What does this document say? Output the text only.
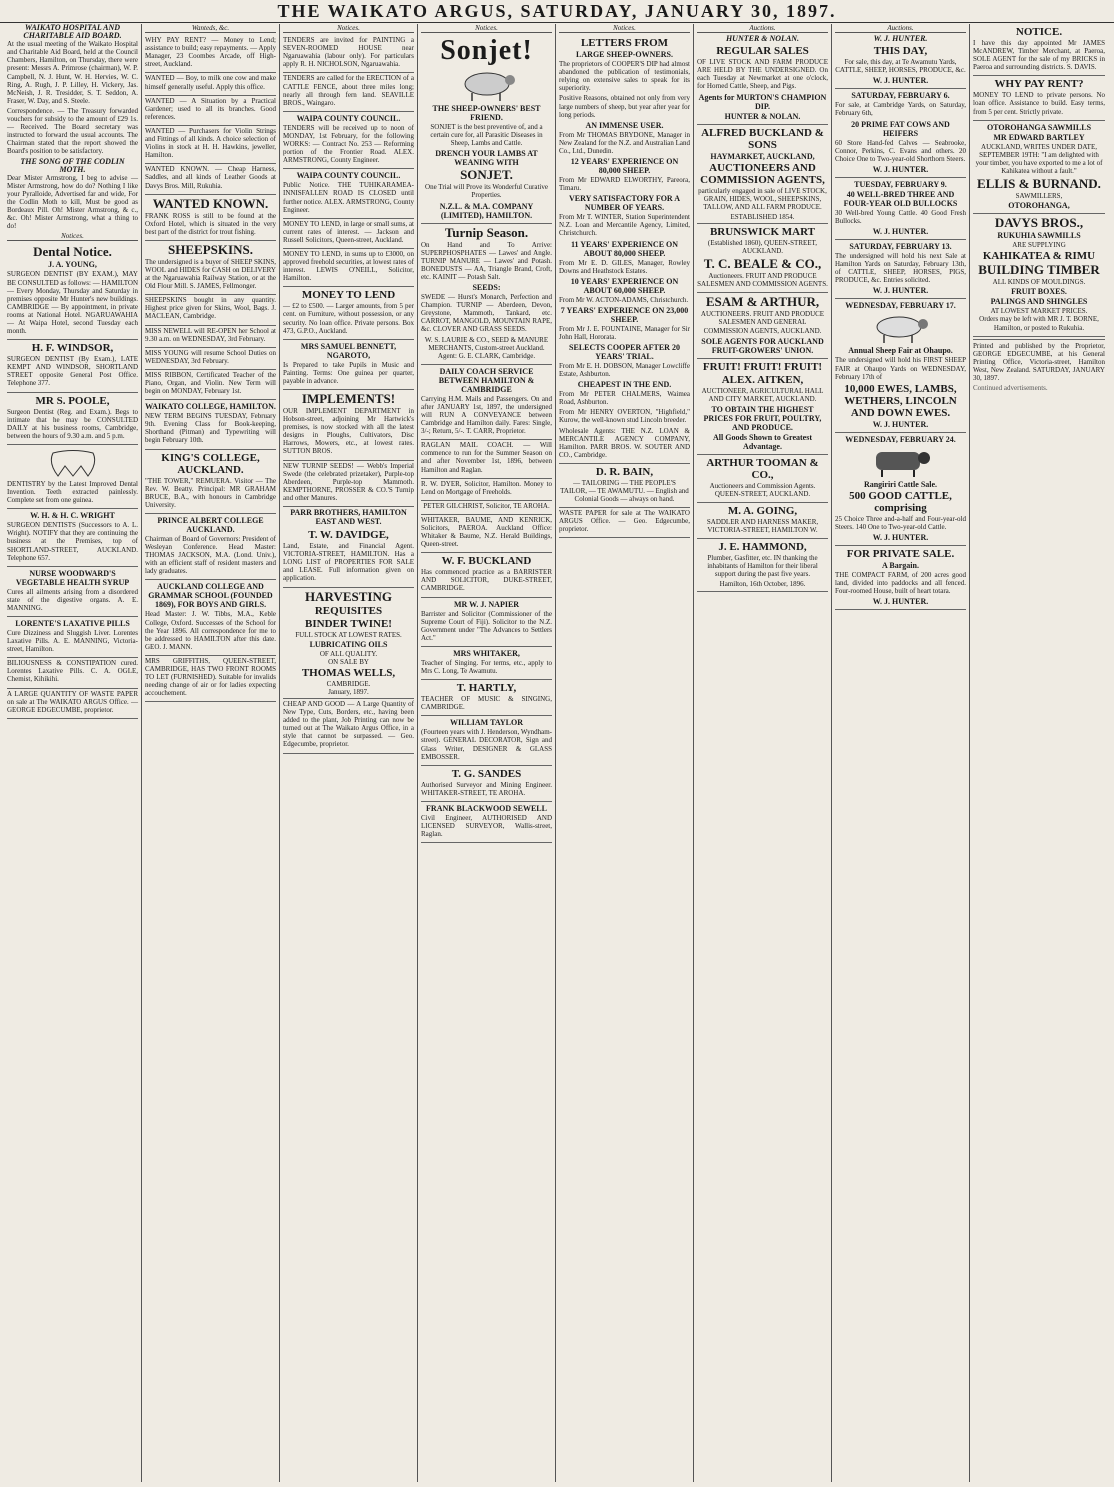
THE WAIKATO ARGUS, SATURDAY, JANUARY 30, 1897.
WAIKATO HOSPITAL AND CHARITABLE AID BOARD.

At the usual meeting of the Waikato Hospital and Charitable Aid Board, held at the Council Chambers, Hamilton, on Thursday, there were present: Messrs A. Primrose (chairman), W. P. Campbell, N. J. Hunt, W. H. Hervies, W. C. Ring, A. Rugh, J. P. Lilley, H. Vickery, Jas. McNeish, J. R. Tresidder, S. T. Seddon, A. Fraser, W. Day, and S. Steele.

Correspondence. — The Treasury forwarded vouchers for subsidy to the amount of £29 1s. — Received. The Board secretary was instructed to forward the usual accounts. The Chairman stated that the report showed the Board's position to be satisfactory.

THE SONG OF THE CODLIN MOTH.

Dear Mister Armstrong, I beg to advise — Mister Armstrong, how do do? Nothing I like your Pyralloide, Advertised far and wide, For the Codlin Moth to kill, Must be good as Bordeaux Pill. Oh! Mister Armstrong, & c., &c. Oh! Mister Armstrong, what a thing to do!

Notices.
Dental Notice.
J. A. YOUNG,

SURGEON DENTIST (BY EXAM.), MAY BE CONSULTED as follows: — HAMILTON — Every Monday, Thursday and Saturday in premises opposite Mr Hunter's new buildings. CAMBRIDGE — By appointment, in private rooms at National Hotel. NGARUAWAHIA — At Waipa Hotel, second Tuesday each month.

H. F. WINDSOR,

SURGEON DENTIST (By Exam.), LATE KEMPT AND WINDSOR, SHORTLAND STREET opposite General Post Office. Telephone 377.

MR S. POOLE,

Surgeon Dentist (Reg. and Exam.). Begs to intimate that he may be CONSULTED DAILY at his business rooms, Cambridge, between the hours of 9.30 a.m. and 5 p.m.

DENTISTRY by the Latest Improved Dental Invention. Teeth extracted painlessly. Complete set from one guinea.

W. H. & H. C. WRIGHT

SURGEON DENTISTS (Successors to A. L. Wright). NOTIFY that they are continuing the business at the Premises, top of SHORTLAND-STREET, AUCKLAND. Telephone 657.

NURSE WOODWARD'S VEGETABLE HEALTH SYRUP

Cures all ailments arising from a disordered state of the digestive organs. A. E. MANNING.

LORENTE'S LAXATIVE PILLS

Cure Dizziness and Sluggish Liver. Lorentes Laxative Pills. A. E. MANNING, Victoria-street, Hamilton.

BILIOUSNESS & CONSTIPATION cured. Lorentes Laxative Pills. C. A. OGLE, Chemist, Kihikihi.

A LARGE QUANTITY OF WASTE PAPER on sale at The WAIKATO ARGUS Office. — GEORGE EDGECUMBE, proprietor.

Wanteds, &c.

WHY PAY RENT? — Money to Lend; assistance to build; easy repayments. — Apply Manager, 23 Coombes Arcade, off High-street, Auckland.

WANTED — Boy, to milk one cow and make himself generally useful. Apply this office.

WANTED — A Situation by a Practical Gardener; used to all its branches. Good references.

WANTED — Purchasers for Violin Strings and Fittings of all kinds. A choice selection of Violins in stock at H. H. Hawkins, jeweller, Hamilton.

WANTED KNOWN. — Cheap Harness, Saddles, and all kinds of Leather Goods at Davys Bros. Mill, Rukuhia.

WANTED KNOWN.

FRANK ROSS is still to be found at the Oxford Hotel, which is situated in the very best part of the district for trout fishing.

SHEEPSKINS.

The undersigned is a buyer of SHEEP SKINS, WOOL and HIDES for CASH on DELIVERY at the Ngaruawahia Railway Station, or at the Old Flour Mill. S. JAMES, Fellmonger.

SHEEPSKINS bought in any quantity. Highest price given for Skins, Wool, Bags. J. MACLEAN, Cambridge.

MISS NEWELL will RE-OPEN her School at 9.30 a.m. on WEDNESDAY, 3rd February.

MISS YOUNG will resume School Duties on WEDNESDAY, 3rd February.

MISS RIBBON, Certificated Teacher of the Piano, Organ, and Violin. New Term will begin on MONDAY, February 1st.

WAIKATO COLLEGE, HAMILTON.

NEW TERM BEGINS TUESDAY, February 9th. Evening Class for Book-keeping, Shorthand (Pitman) and Typewriting will begin February 10th.

KING'S COLLEGE, AUCKLAND.

"THE TOWER," REMUERA. Visitor — The Rev. W. Beatty. Principal: MR GRAHAM BRUCE, B.A., with honours in Cambridge University.

PRINCE ALBERT COLLEGE AUCKLAND.

Chairman of Board of Governors: President of Wesleyan Conference. Head Master: THOMAS JACKSON, M.A. (Lond. Univ.), with an efficient staff of resident masters and lady graduates.

AUCKLAND COLLEGE AND GRAMMAR SCHOOL (FOUNDED 1869), FOR BOYS AND GIRLS.

Head Master: J. W. Tibbs, M.A., Keble College, Oxford. Successes of the School for the Year 1896. All correspondence for me to be addressed to HAMILTON after this date. GEO. J. MANN.

MRS GRIFFITHS, QUEEN-STREET, CAMBRIDGE, HAS TWO FRONT ROOMS TO LET (FURNISHED). Suitable for invalids needing change of air or for ladies expecting accouchement.

Notices.

TENDERS are invited for PAINTING a SEVEN-ROOMED HOUSE near Ngaruawahia (labour only). For particulars apply R. H. NICHOLSON, Ngaruawahia.

TENDERS are called for the ERECTION of a CATTLE FENCE, about three miles long; nearly all through fern land. SEAVILLE BROS., Waingaro.

WAIPA COUNTY COUNCIL.

TENDERS will be received up to noon of MONDAY, 1st February, for the following WORKS: — Contract No. 253 — Reforming portion of the Frontier Road. ALEX. ARMSTRONG, County Engineer.

WAIPA COUNTY COUNCIL.

Public Notice. THE TUHIKARAMEA-INNISFALLEN ROAD IS CLOSED until further notice. ALEX. ARMSTRONG, County Engineer.

MONEY TO LEND, in large or small sums, at current rates of interest. — Jackson and Russell Solicitors, Queen-street, Auckland.

MONEY TO LEND, in sums up to £3000, on approved freehold securities, at lowest rates of interest. LEWIS O'NEILL, Solicitor, Hamilton.

MONEY TO LEND

— £2 to £500. — Larger amounts, from 5 per cent. on Furniture, without possession, or any security. No loan office. Private persons. Box 473, G.P.O., Auckland.

MRS SAMUEL BENNETT, NGAROTO,

Is Prepared to take Pupils in Music and Painting. Terms: One guinea per quarter, payable in advance.

IMPLEMENTS!

OUR IMPLEMENT DEPARTMENT in Hobson-street, adjoining Mr Hartwick's premises, is now stocked with all the latest designs in Ploughs, Cultivators, Disc Harrows, Mowers, etc., at lowest rates. SUTTON BROS.

NEW TURNIP SEEDS! — Webb's Imperial Swede (the celebrated prizetaker), Purple-top Aberdeen, Purple-top Mammoth. KEMPTHORNE, PROSSER & CO.'S Turnip and other Manures.

PARR BROTHERS, HAMILTON EAST AND WEST.
T. W. DAVIDGE,

Land, Estate, and Financial Agent. VICTORIA-STREET, HAMILTON. Has a LONG LIST of PROPERTIES FOR SALE and LEASE. Full information given on application.

HARVESTING
REQUISITES
BINDER TWINE!
FULL STOCK AT LOWEST RATES.
LUBRICATING OILS
OF ALL QUALITY.
ON SALE BY
THOMAS WELLS,
CAMBRIDGE.
January, 1897.

CHEAP AND GOOD — A Large Quantity of New Type, Cuts, Borders, etc., having been added to the plant, Job Printing can now be turned out at The Waikato Argus Office, in a style that cannot be surpassed. — Geo. Edgecumbe, proprietor.

Notices.
Sonjet!
THE SHEEP-OWNERS' BEST FRIEND.

SONJET is the best preventive of, and a certain cure for, all Parasitic Diseases in Sheep, Lambs and Cattle.

DRENCH YOUR LAMBS AT WEANING WITH
SONJET.

One Trial will Prove its Wonderful Curative Properties.

N.Z.L. & M.A. COMPANY (LIMITED), HAMILTON.
Turnip Season.

On Hand and To Arrive: SUPERPHOSPHATES — Lawes' and Angle. TURNIP MANURE — Lawes' and Potash. BONEDUSTS — AA, Triangle Brand, Croft, etc. KAINIT — Potash Salt.

SEEDS:

SWEDE — Hurst's Monarch, Perfection and Champion. TURNIP — Aberdeen, Devon, Greystone, Mammoth, Tankard, etc. CARROT, MANGOLD, MOUNTAIN RAPE, &c. CLOVER AND GRASS SEEDS.

W. S. LAURIE & CO., SEED & MANURE MERCHANTS, Custom-street Auckland. Agent: G. E. CLARK, Cambridge.

DAILY COACH SERVICE BETWEEN HAMILTON & CAMBRIDGE

Carrying H.M. Mails and Passengers. On and after JANUARY 1st, 1897, the undersigned will RUN A CONVEYANCE between Cambridge and Hamilton daily. Fares: Single, 3/-; Return, 5/-. T. CARR, Proprietor.

RAGLAN MAIL COACH. — Will commence to run for the Summer Season on and after November 1st, 1896, between Hamilton and Raglan.

R. W. DYER, Solicitor, Hamilton. Money to Lend on Mortgage of Freeholds.

PETER GILCHRIST, Solicitor, TE AROHA.

WHITAKER, BAUME, AND KENRICK, Solicitors, PAEROA. Auckland Office: Whitaker & Baume, N.Z. Herald Buildings, Queen-street.

W. F. BUCKLAND

Has commenced practice as a BARRISTER AND SOLICITOR, DUKE-STREET, CAMBRIDGE.

MR W. J. NAPIER

Barrister and Solicitor (Commissioner of the Supreme Court of Fiji). Solicitor to the N.Z. Government under "The Advances to Settlers Act."

MRS WHITAKER,

Teacher of Singing. For terms, etc., apply to Mrs C. Long, Te Awamutu.

T. HARTLY,

TEACHER OF MUSIC & SINGING, CAMBRIDGE.

WILLIAM TAYLOR

(Fourteen years with J. Henderson, Wyndham-street). GENERAL DECORATOR, Sign and Glass Writer, DESIGNER & GLASS EMBOSSER.

T. G. SANDES

Authorised Surveyor and Mining Engineer. WHITAKER-STREET, TE AROHA.

FRANK BLACKWOOD SEWELL

Civil Engineer, AUTHORISED AND LICENSED SURVEYOR, Wallis-street, Raglan.

Notices.
LETTERS FROM
LARGE SHEEP-OWNERS.

The proprietors of COOPER'S DIP had almost abandoned the publication of testimonials, relying on extensive sales to speak for its superiority.

Positive Reasons, obtained not only from very large numbers of sheep, but year after year for long periods.

AN IMMENSE USER.

From Mr THOMAS BRYDONE, Manager in New Zealand for the N.Z. and Australian Land Co., Ltd., Dunedin.

12 YEARS' EXPERIENCE ON 80,000 SHEEP.

From Mr EDWARD ELWORTHY, Pareora, Timaru.

VERY SATISFACTORY FOR A NUMBER OF YEARS.

From Mr T. WINTER, Station Superintendent N.Z. Loan and Mercantile Agency, Limited, Christchurch.

11 YEARS' EXPERIENCE ON ABOUT 80,000 SHEEP.

From Mr E. D. GILES, Manager, Rowley Downs and Heathstock Estates.

10 YEARS' EXPERIENCE ON ABOUT 60,000 SHEEP.

From Mr W. ACTON-ADAMS, Christchurch.

7 YEARS' EXPERIENCE ON 23,000 SHEEP.

From Mr J. E. FOUNTAINE, Manager for Sir John Hall, Hororata.

SELECTS COOPER AFTER 20 YEARS' TRIAL.

From Mr E. H. DOBSON, Manager Lowcliffe Estate, Ashburton.

CHEAPEST IN THE END.

From Mr PETER CHALMERS, Waimea Road, Ashburton.

From Mr HENRY OVERTON, "Highfield," Kurow, the well-known stud Lincoln breeder.

Wholesale Agents: THE N.Z. LOAN & MERCANTILE AGENCY COMPANY, Hamilton. PARR BROS. W. SOUTER AND CO., Cambridge.

D. R. BAIN,

— TAILORING — THE PEOPLE'S TAILOR, — TE AWAMUTU. — English and Colonial Goods — always on hand.

WASTE PAPER for sale at The WAIKATO ARGUS Office. — Geo. Edgecumbe, proprietor.

Auctions.
HUNTER & NOLAN.
REGULAR SALES

OF LIVE STOCK AND FARM PRODUCE ARE HELD BY THE UNDERSIGNED. On each Tuesday at Newmarket at one o'clock, for Horned Cattle, Sheep, and Pigs.

Agents for MURTON'S CHAMPION DIP.
HUNTER & NOLAN.
ALFRED BUCKLAND & SONS
HAYMARKET, AUCKLAND,
AUCTIONEERS AND COMMISSION AGENTS,

particularly engaged in sale of LIVE STOCK, GRAIN, HIDES, WOOL, SHEEPSKINS, TALLOW, AND ALL FARM PRODUCE.

ESTABLISHED 1854.
BRUNSWICK MART

(Established 1860), QUEEN-STREET, AUCKLAND.

T. C. BEALE & CO.,

Auctioneers. FRUIT AND PRODUCE SALESMEN AND COMMISSION AGENTS.

ESAM & ARTHUR,

AUCTIONEERS. FRUIT AND PRODUCE SALESMEN AND GENERAL COMMISSION AGENTS, AUCKLAND.

SOLE AGENTS FOR AUCKLAND FRUIT-GROWERS' UNION.
FRUIT! FRUIT! FRUIT!
ALEX. AITKEN,

AUCTIONEER, AGRICULTURAL HALL AND CITY MARKET, AUCKLAND.

TO OBTAIN THE HIGHEST PRICES FOR FRUIT, POULTRY, AND PRODUCE.
All Goods Shown to Greatest Advantage.
ARTHUR TOOMAN & CO.,

Auctioneers and Commission Agents. QUEEN-STREET, AUCKLAND.

M. A. GOING,

SADDLER AND HARNESS MAKER, VICTORIA-STREET, HAMILTON W.

J. E. HAMMOND,

Plumber, Gasfitter, etc. IN thanking the inhabitants of Hamilton for their liberal support during the past five years.

Hamilton, 16th October, 1896.
Auctions.
W. J. HUNTER.
THIS DAY,

For sale, this day, at Te Awamutu Yards, CATTLE, SHEEP, HORSES, PRODUCE, &c.

W. J. HUNTER.
SATURDAY, FEBRUARY 6.

For sale, at Cambridge Yards, on Saturday, February 6th,

20 PRIME FAT COWS AND HEIFERS

60 Store Hand-fed Calves — Seabrooke, Connor, Perkins, C. Evans and others. 20 Choice One to Two-year-old Shorthorn Steers.

W. J. HUNTER.
TUESDAY, FEBRUARY 9.
40 WELL-BRED THREE AND FOUR-YEAR OLD BULLOCKS

30 Well-bred Young Cattle. 40 Good Fresh Bullocks.

W. J. HUNTER.
SATURDAY, FEBRUARY 13.

The undersigned will hold his next Sale at Hamilton Yards on Saturday, February 13th, of CATTLE, SHEEP, HORSES, PIGS, PRODUCE, &c. Entries solicited.

W. J. HUNTER.
WEDNESDAY, FEBRUARY 17.
Annual Sheep Fair at Ohaupo.

The undersigned will hold his FIRST SHEEP FAIR at Ohaupo Yards on WEDNESDAY, February 17th of

10,000 EWES, LAMBS, WETHERS, LINCOLN AND DOWN EWES.
W. J. HUNTER.
WEDNESDAY, FEBRUARY 24.
Rangiriri Cattle Sale.
500 GOOD CATTLE, comprising

25 Choice Three and-a-half and Four-year-old Steers. 140 One to Two-year-old Cattle.

W. J. HUNTER.
FOR PRIVATE SALE.
A Bargain.

THE COMPACT FARM, of 200 acres good land, divided into paddocks and all fenced. Four-roomed House, built of heart totara.

W. J. HUNTER.
NOTICE.

I have this day appointed Mr JAMES McANDREW, Timber Merchant, at Paeroa, SOLE AGENT for the sale of my BRICKS in Paeroa and surrounding districts. S. DAVIS.

WHY PAY RENT?

MONEY TO LEND to private persons. No loan office. Assistance to build. Easy terms, from 5 per cent. Strictly private.

OTOROHANGA SAWMILLS
MR EDWARD BARTLEY

AUCKLAND, WRITES UNDER DATE, SEPTEMBER 19TH: "I am delighted with your timber, you have exported to me a lot of Kahikatea without a fault."

ELLIS & BURNAND.
SAWMILLERS,
OTOROHANGA,
DAVYS BROS.,
RUKUHIA SAWMILLS
ARE SUPPLYING
KAHIKATEA & RIMU
BUILDING TIMBER
ALL KINDS OF MOULDINGS.
FRUIT BOXES.
PALINGS AND SHINGLES
AT LOWEST MARKET PRICES.

Orders may be left with MR J. T. BORNE, Hamilton, or posted to Rukuhia.

Printed and published by the Proprietor, GEORGE EDGECUMBE, at his General Printing Office, Victoria-street, Hamilton West, New Zealand. SATURDAY, JANUARY 30, 1897.

Continued advertisements.
